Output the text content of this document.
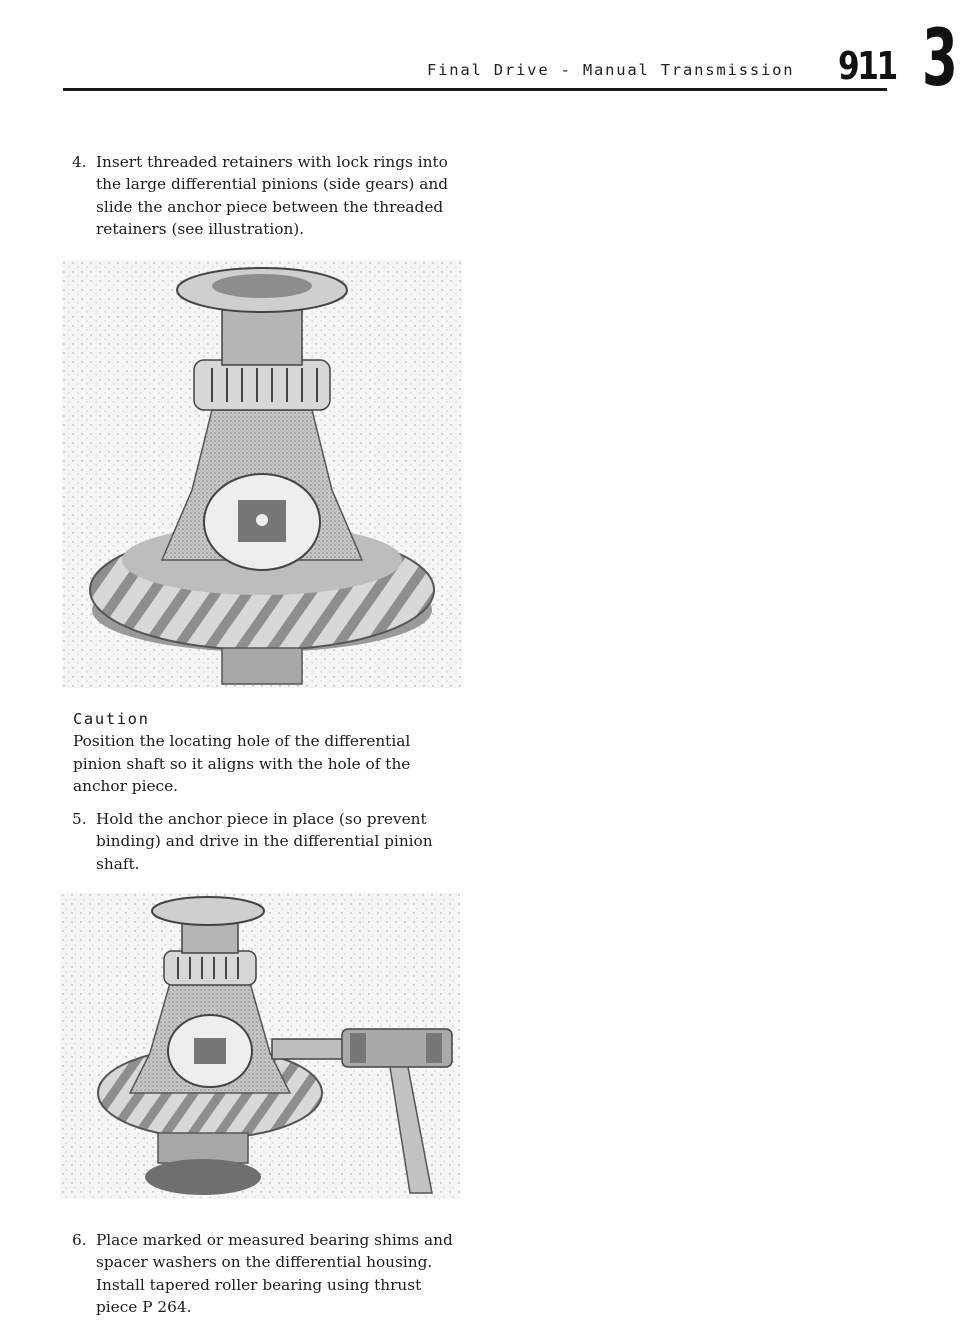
Final Drive - Manual Transmission 911 3
4. Insert threaded retainers with lock rings into the large differential pinions (side gears) and slide the anchor piece between the threaded retainers (see illustration).
Caution
Position the locating hole of the differential pinion shaft so it aligns with the hole of the anchor piece.
5. Hold the anchor piece in place (so prevent binding) and drive in the differential pinion shaft.
6. Place marked or measured bearing shims and spacer washers on the differential housing. Install tapered roller bearing using thrust piece P 264.
